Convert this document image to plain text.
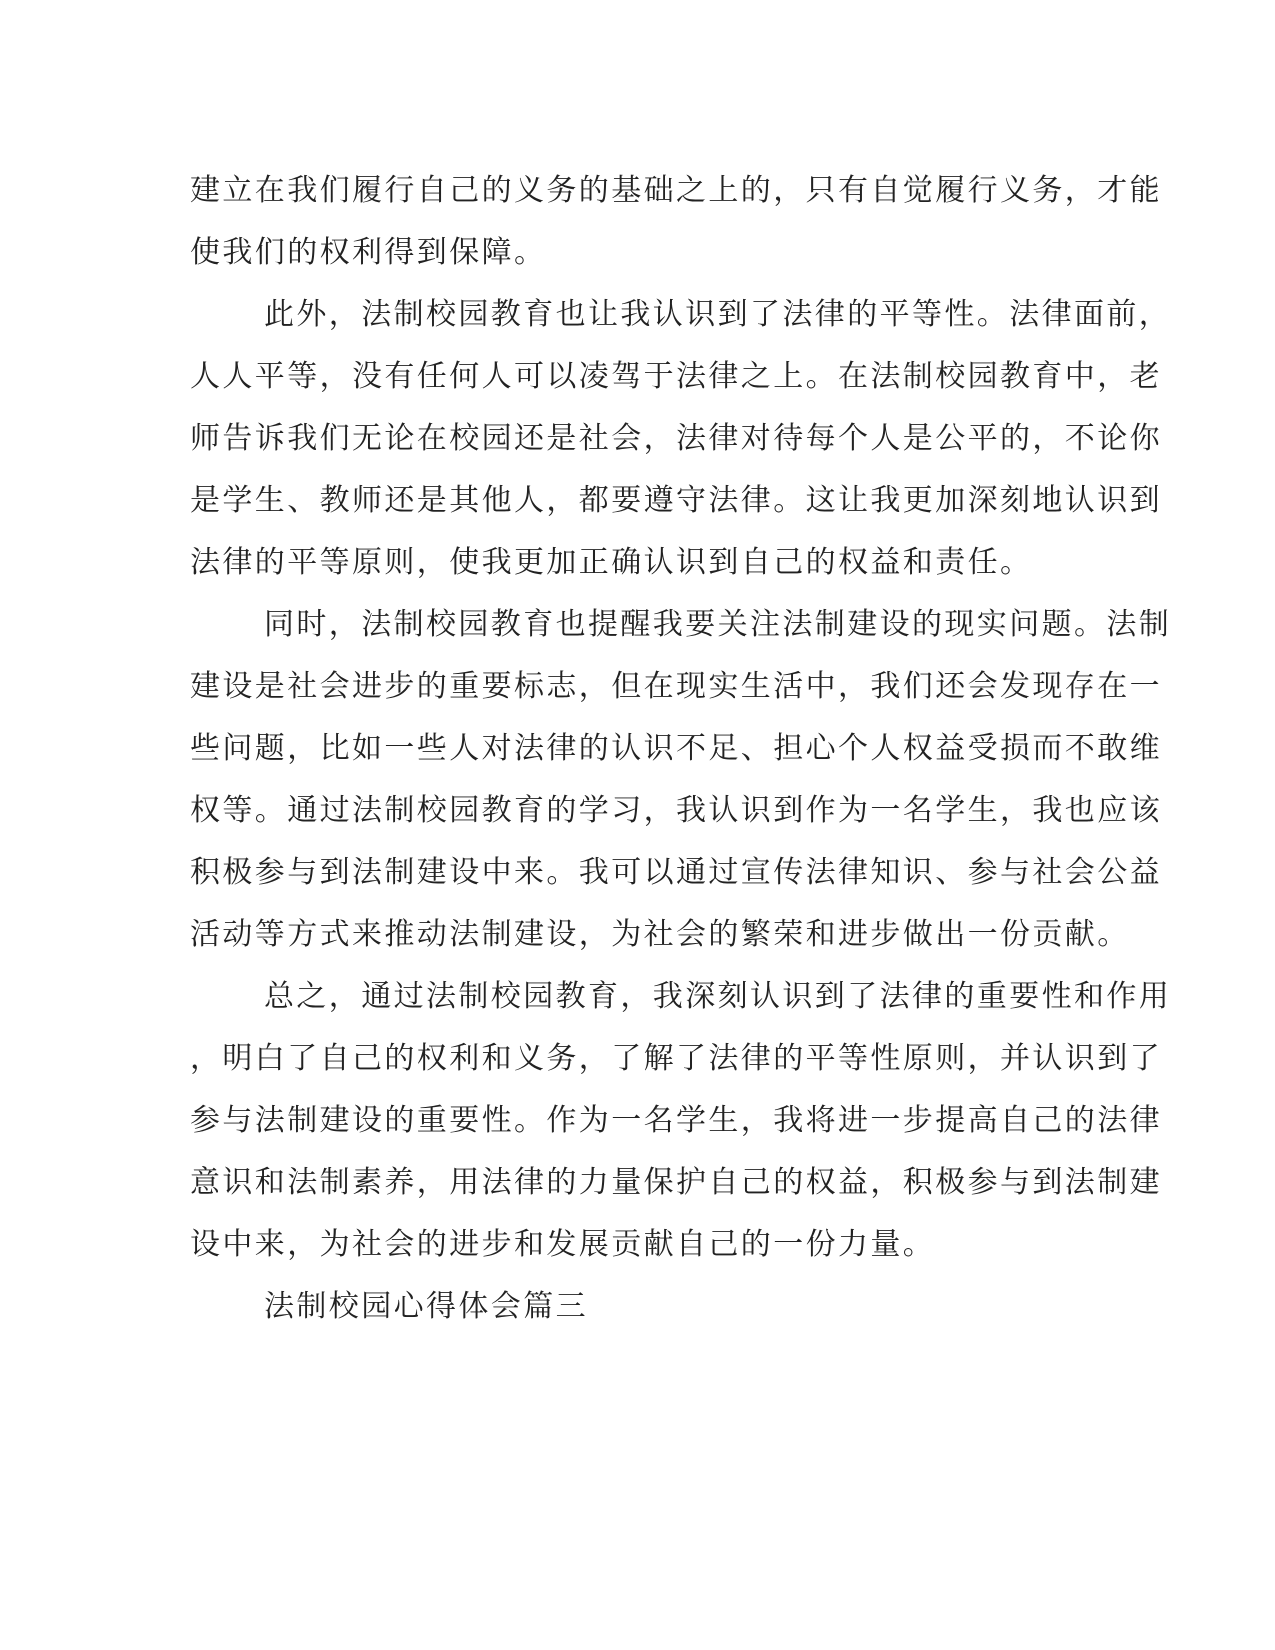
建立在我们履行自己的义务的基础之上的，只有自觉履行义务，才能
使我们的权利得到保障。
此外，法制校园教育也让我认识到了法律的平等性。法律面前，
人人平等，没有任何人可以凌驾于法律之上。在法制校园教育中，老
师告诉我们无论在校园还是社会，法律对待每个人是公平的，不论你
是学生、教师还是其他人，都要遵守法律。这让我更加深刻地认识到
法律的平等原则，使我更加正确认识到自己的权益和责任。
同时，法制校园教育也提醒我要关注法制建设的现实问题。法制
建设是社会进步的重要标志，但在现实生活中，我们还会发现存在一
些问题，比如一些人对法律的认识不足、担心个人权益受损而不敢维
权等。通过法制校园教育的学习，我认识到作为一名学生，我也应该
积极参与到法制建设中来。我可以通过宣传法律知识、参与社会公益
活动等方式来推动法制建设，为社会的繁荣和进步做出一份贡献。
总之，通过法制校园教育，我深刻认识到了法律的重要性和作用
，明白了自己的权利和义务，了解了法律的平等性原则，并认识到了
参与法制建设的重要性。作为一名学生，我将进一步提高自己的法律
意识和法制素养，用法律的力量保护自己的权益，积极参与到法制建
设中来，为社会的进步和发展贡献自己的一份力量。
法制校园心得体会篇三
